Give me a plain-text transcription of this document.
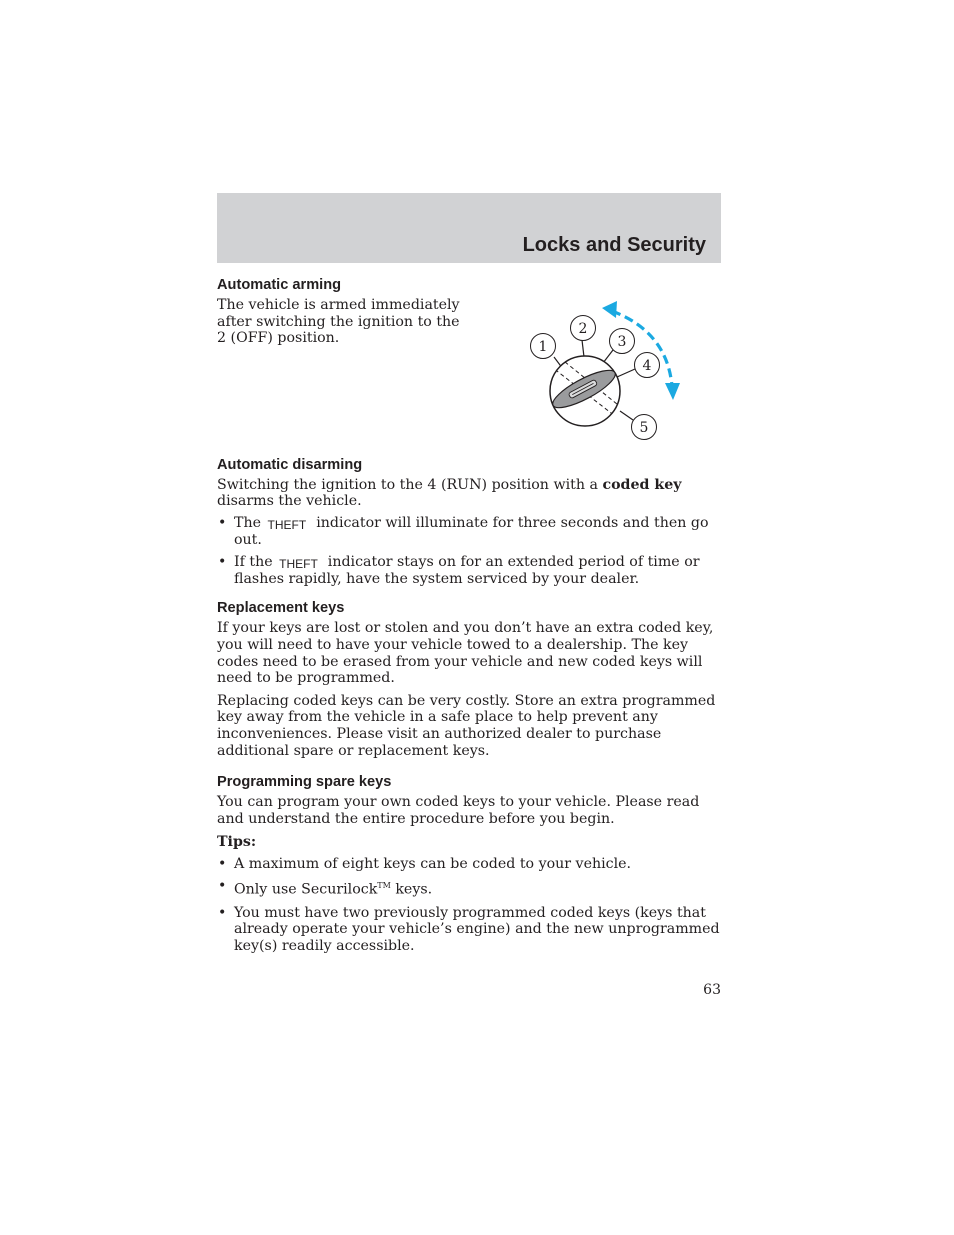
Locks and Security
Automatic arming

The vehicle is armed immediately after switching the ignition to the 2 (OFF) position.

Automatic disarming

Switching the ignition to the 4 (RUN) position with a coded key disarms the vehicle.

• The THEFT indicator will illuminate for three seconds and then go out.
• If the THEFT indicator stays on for an extended period of time or flashes rapidly, have the system serviced by your dealer.
Replacement keys

If your keys are lost or stolen and you don’t have an extra coded key, you will need to have your vehicle towed to a dealership. The key codes need to be erased from your vehicle and new coded keys will need to be programmed.

Replacing coded keys can be very costly. Store an extra programmed key away from the vehicle in a safe place to help prevent any inconveniences. Please visit an authorized dealer to purchase additional spare or replacement keys.

Programming spare keys

You can program your own coded keys to your vehicle. Please read and understand the entire procedure before you begin.

Tips:

• A maximum of eight keys can be coded to your vehicle.
• Only use Securilock™ keys.
• You must have two previously programmed coded keys (keys that already operate your vehicle’s engine) and the new unprogrammed key(s) readily accessible.
1
2
3
4
5
63
